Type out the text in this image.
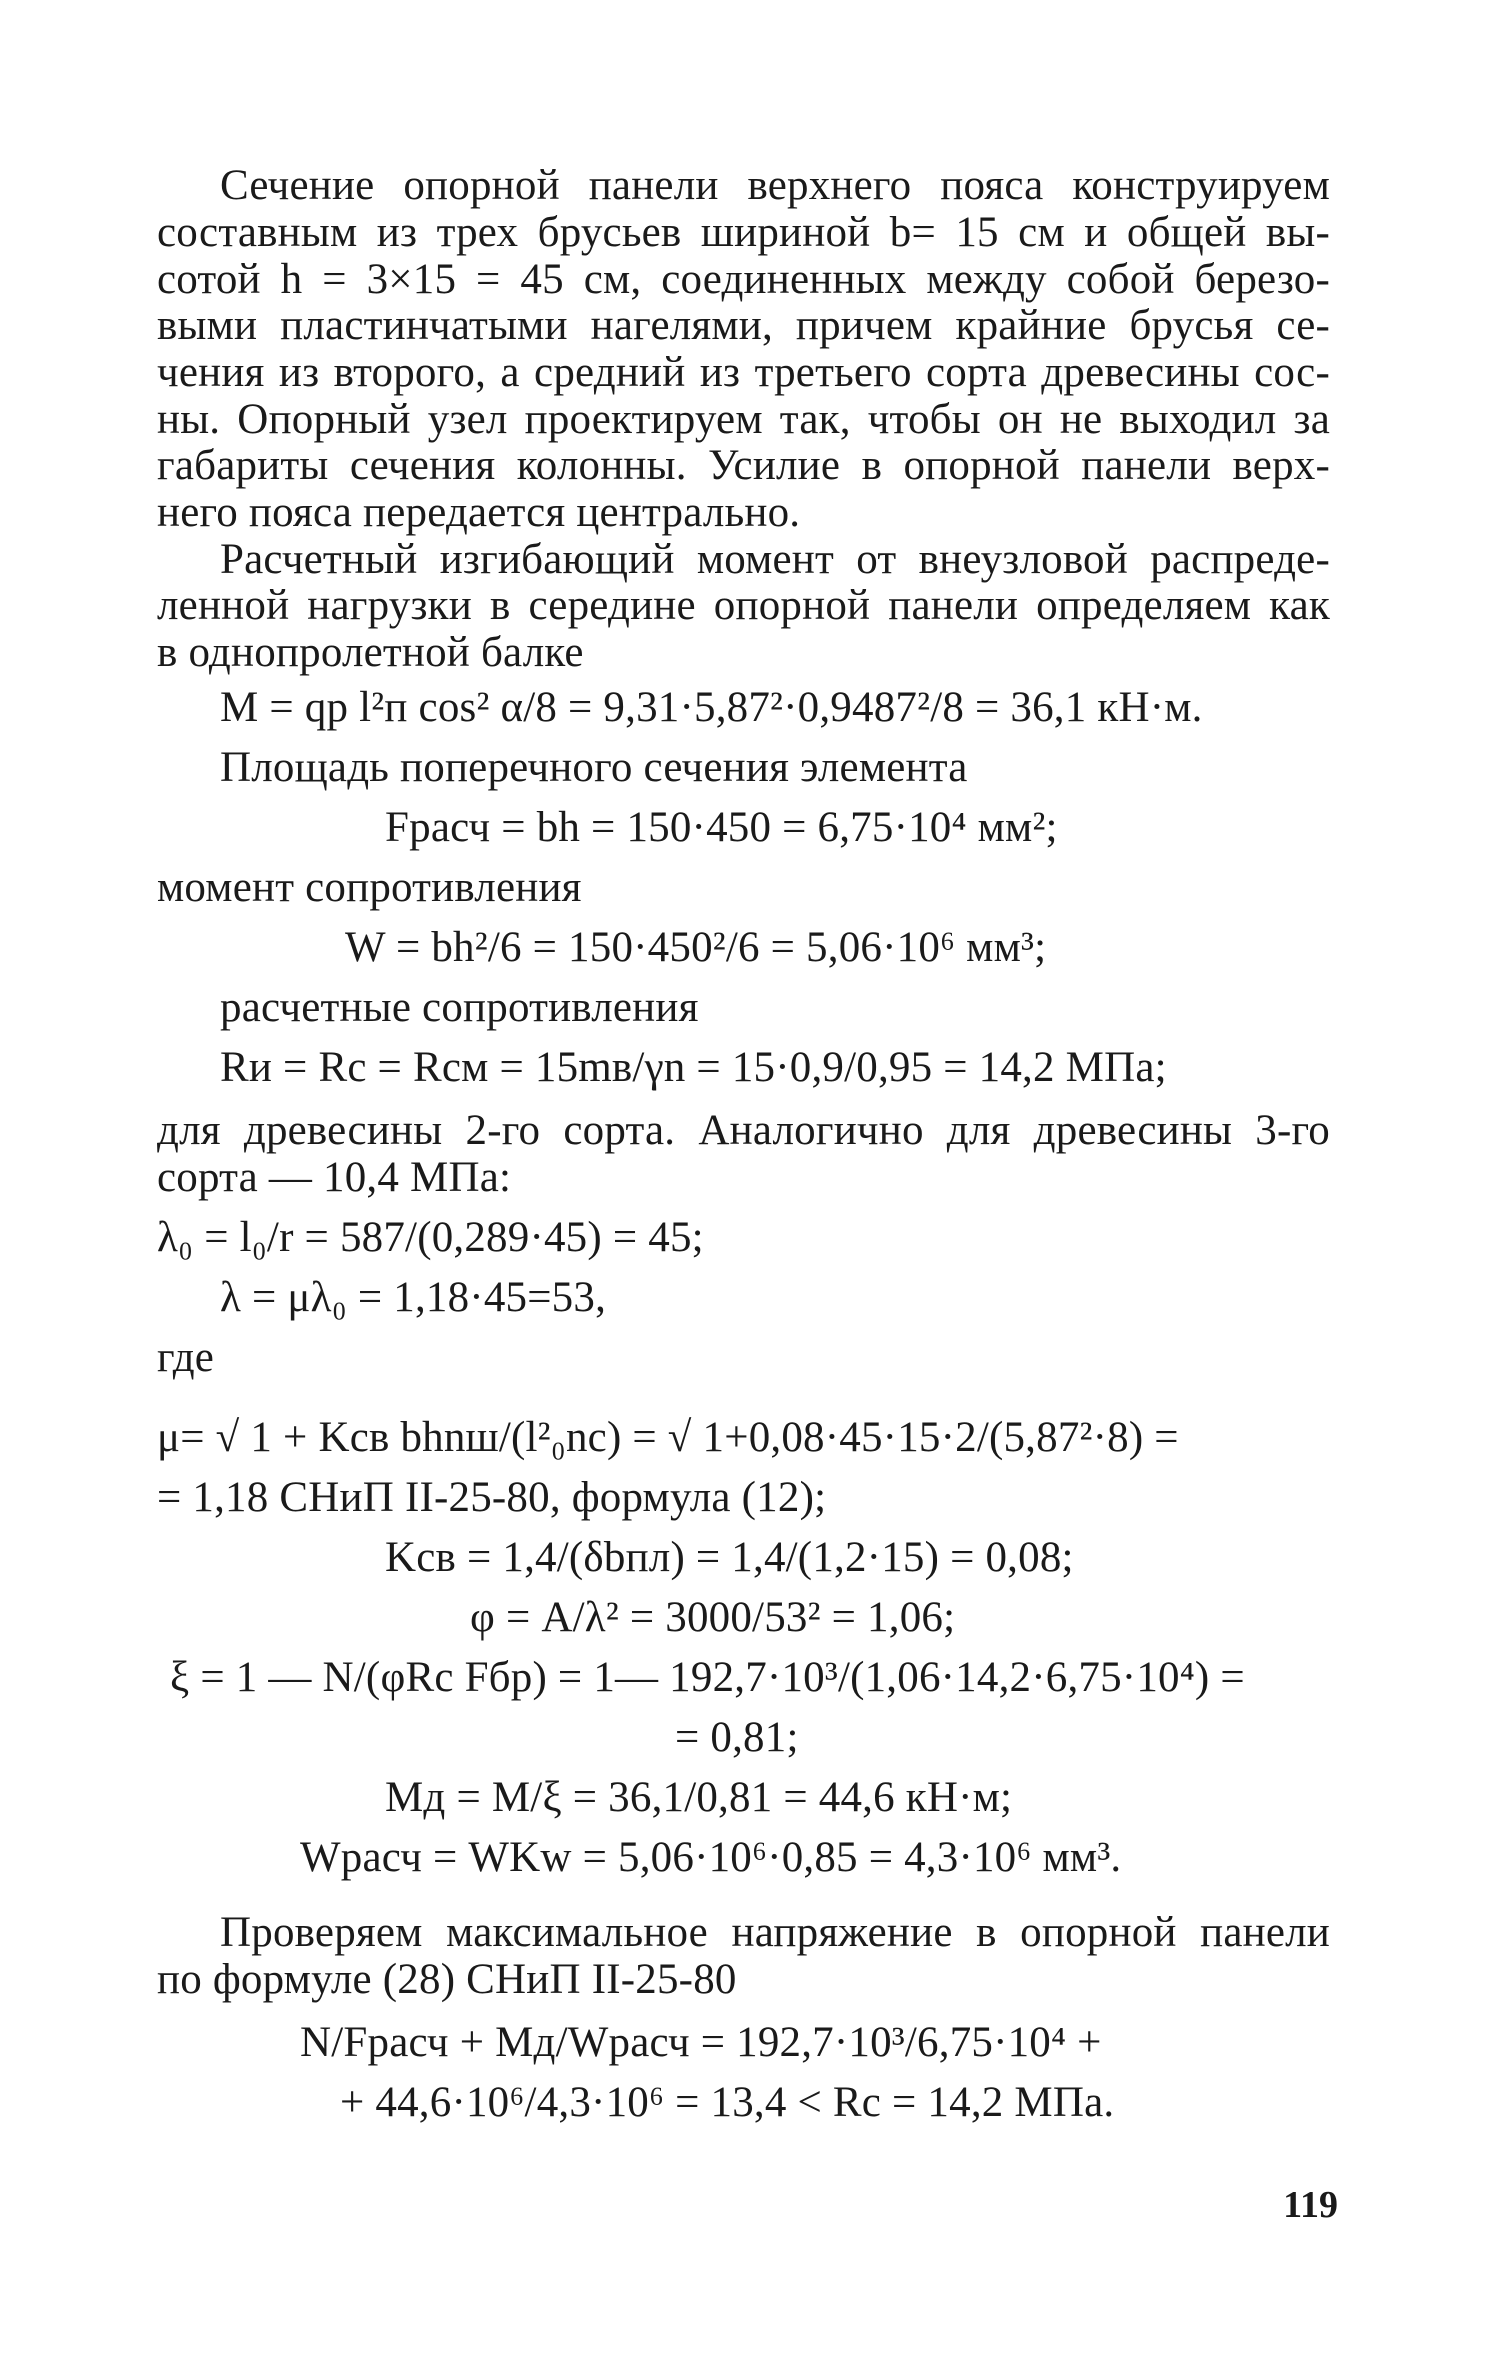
Сечение опорной панели верхнего пояса конструируем
составным из трех брусьев шириной b= 15 см и общей вы-
сотой h = 3×15 = 45 см, соединенных между собой березо-
выми пластинчатыми нагелями, причем крайние брусья се-
чения из второго, а средний из третьего сорта древесины сос-
ны. Опорный узел проектируем так, чтобы он не выходил за
габариты сечения колонны. Усилие в опорной панели верх-
него пояса передается центрально.
Расчетный изгибающий момент от внеузловой распреде-
ленной нагрузки в середине опорной панели определяем как
в однопролетной балке
M = qр l²п cos² α/8 = 9,31·5,87²·0,9487²/8 = 36,1 кН·м.
Площадь поперечного сечения элемента
Fрасч = bh = 150·450 = 6,75·10⁴ мм²;
момент сопротивления
W = bh²/6 = 150·450²/6 = 5,06·10⁶ мм³;
расчетные сопротивления
Rи = Rс = Rсм = 15mв/γn = 15·0,9/0,95 = 14,2 МПа;
для древесины 2-го сорта. Аналогично для древесины 3-го
сорта — 10,4 МПа:
λ₀ = l₀/r = 587/(0,289·45) = 45;
λ = μλ₀ = 1,18·45=53,
где
μ= √ 1 + Kсв bhnш/(l²₀nс) = √ 1+0,08·45·15·2/(5,87²·8) =
= 1,18 СНиП II-25-80, формула (12);
Kсв = 1,4/(δbпл) = 1,4/(1,2·15) = 0,08;
φ = A/λ² = 3000/53² = 1,06;
ξ = 1 — N/(φRс Fбр) = 1— 192,7·10³/(1,06·14,2·6,75·10⁴) =
= 0,81;
Mд = M/ξ = 36,1/0,81 = 44,6 кН·м;
Wрасч = WKw = 5,06·10⁶·0,85 = 4,3·10⁶ мм³.
Проверяем максимальное напряжение в опорной панели
по формуле (28) СНиП II-25-80
N/Fрасч + Mд/Wрасч = 192,7·10³/6,75·10⁴ +
+ 44,6·10⁶/4,3·10⁶ = 13,4 < Rс = 14,2 МПа.
119
